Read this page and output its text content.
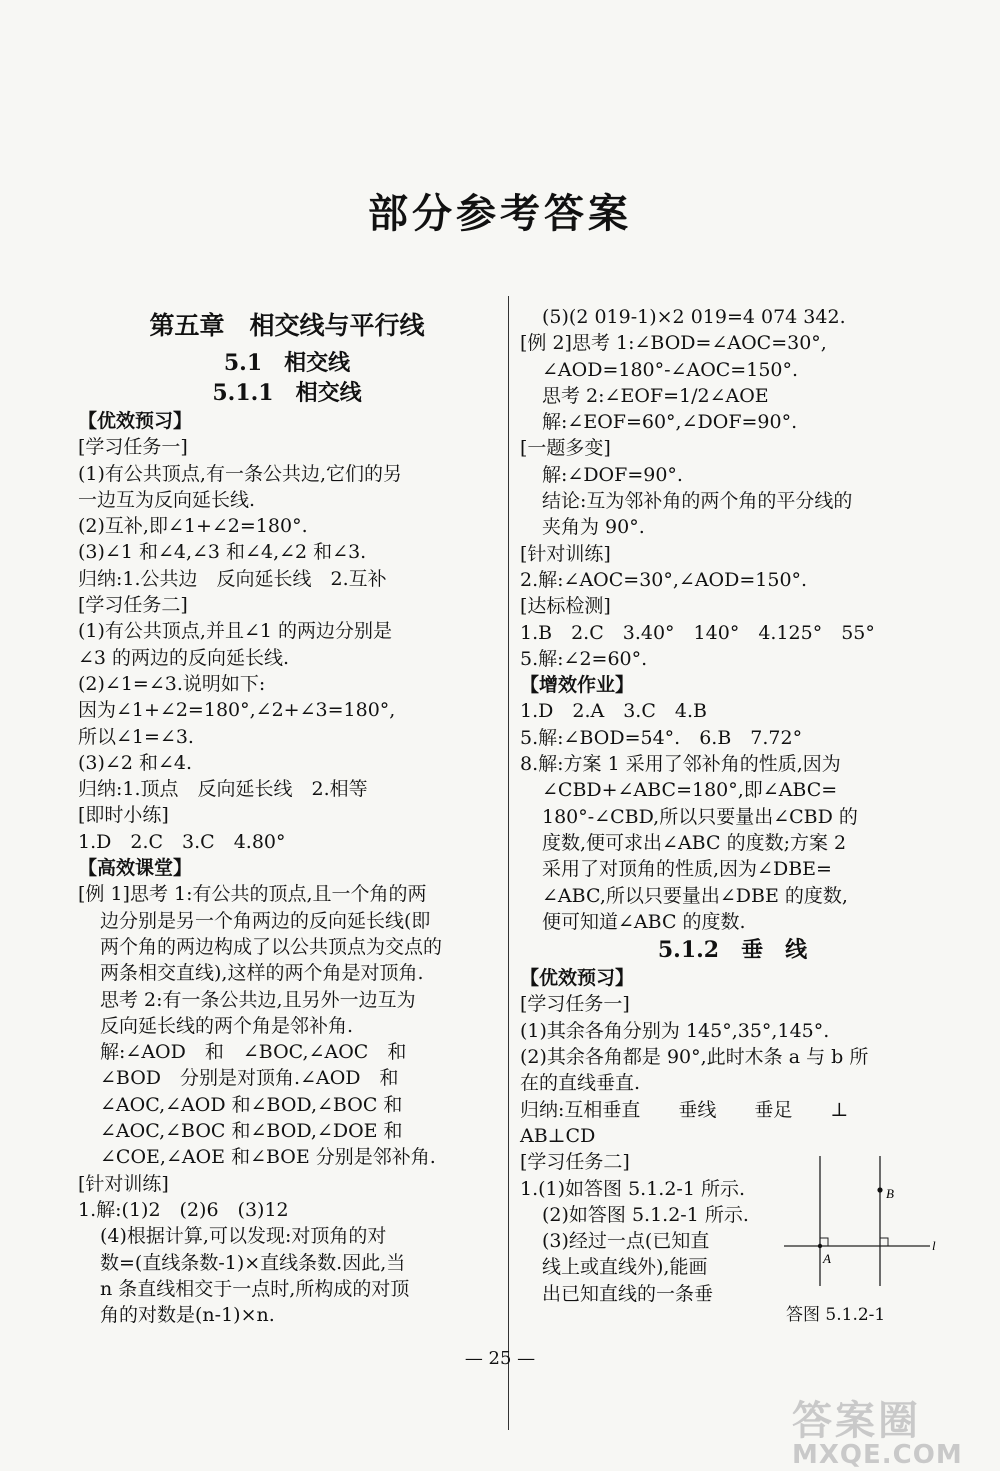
部分参考答案
第五章　相交线与平行线
5.1　相交线
5.1.1　相交线
【优效预习】
[学习任务一]
(1)有公共顶点,有一条公共边,它们的另
一边互为反向延长线.
(2)互补,即∠1+∠2=180°.
(3)∠1 和∠4,∠3 和∠4,∠2 和∠3.
归纳:1.公共边　反向延长线　2.互补
[学习任务二]
(1)有公共顶点,并且∠1 的两边分别是
∠3 的两边的反向延长线.
(2)∠1=∠3.说明如下:
因为∠1+∠2=180°,∠2+∠3=180°,
所以∠1=∠3.
(3)∠2 和∠4.
归纳:1.顶点　反向延长线　2.相等
[即时小练]
1.D　2.C　3.C　4.80°
【高效课堂】
[例 1]思考 1:有公共的顶点,且一个角的两
边分别是另一个角两边的反向延长线(即
两个角的两边构成了以公共顶点为交点的
两条相交直线),这样的两个角是对顶角.
思考 2:有一条公共边,且另外一边互为
反向延长线的两个角是邻补角.
解:∠AOD　和　∠BOC,∠AOC　和
∠BOD　分别是对顶角.∠AOD　和
∠AOC,∠AOD 和∠BOD,∠BOC 和
∠AOC,∠BOC 和∠BOD,∠DOE 和
∠COE,∠AOE 和∠BOE 分别是邻补角.
[针对训练]
1.解:(1)2　(2)6　(3)12
(4)根据计算,可以发现:对顶角的对
数=(直线条数-1)×直线条数.因此,当
n 条直线相交于一点时,所构成的对顶
角的对数是(n-1)×n.
(5)(2 019-1)×2 019=4 074 342.
[例 2]思考 1:∠BOD=∠AOC=30°,
∠AOD=180°-∠AOC=150°.
思考 2:∠EOF=1/2∠AOE
解:∠EOF=60°,∠DOF=90°.
[一题多变]
解:∠DOF=90°.
结论:互为邻补角的两个角的平分线的
夹角为 90°.
[针对训练]
2.解:∠AOC=30°,∠AOD=150°.
[达标检测]
1.B　2.C　3.40°　140°　4.125°　55°
5.解:∠2=60°.
【增效作业】
1.D　2.A　3.C　4.B
5.解:∠BOD=54°.　6.B　7.72°
8.解:方案 1 采用了邻补角的性质,因为
∠CBD+∠ABC=180°,即∠ABC=
180°-∠CBD,所以只要量出∠CBD 的
度数,便可求出∠ABC 的度数;方案 2
采用了对顶角的性质,因为∠DBE=
∠ABC,所以只要量出∠DBE 的度数,
便可知道∠ABC 的度数.
5.1.2　垂　线
【优效预习】
[学习任务一]
(1)其余各角分别为 145°,35°,145°.
(2)其余各角都是 90°,此时木条 a 与 b 所
在的直线垂直.
归纳:互相垂直　　垂线　　垂足　　⊥
AB⊥CD
[学习任务二]
1.(1)如答图 5.1.2-1 所示.
(2)如答图 5.1.2-1 所示.
(3)经过一点(已知直
线上或直线外),能画
出已知直线的一条垂
B
A
l
答图 5.1.2-1
— 25 —
答案圈
MXQE.COM
